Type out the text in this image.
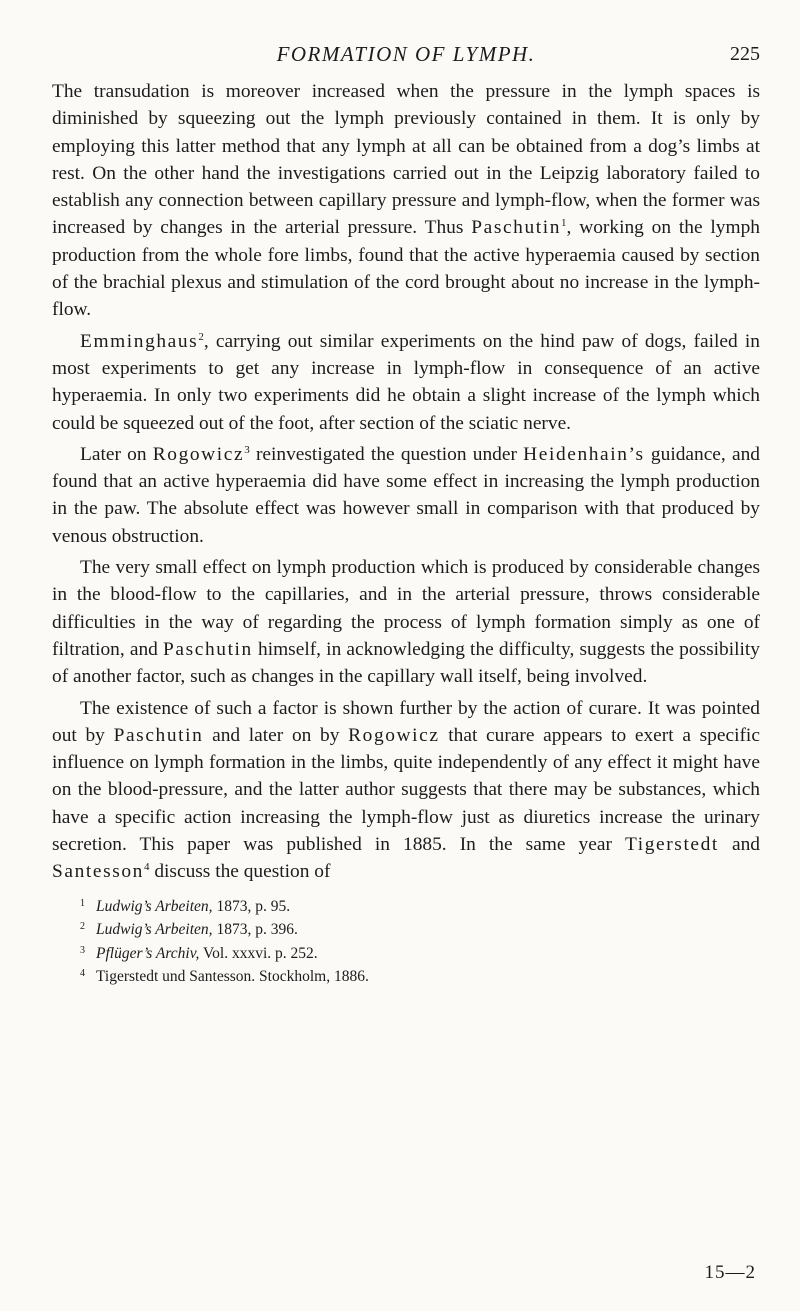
FORMATION OF LYMPH.	225

The transudation is moreover increased when the pressure in the lymph spaces is diminished by squeezing out the lymph previously contained in them. It is only by employing this latter method that any lymph at all can be obtained from a dog’s limbs at rest. On the other hand the investigations carried out in the Leipzig laboratory failed to establish any connection between capillary pressure and lymph-flow, when the former was increased by changes in the arterial pressure. Thus Paschutin$^1$, working on the lymph production from the whole fore limbs, found that the active hyperaemia caused by section of the brachial plexus and stimulation of the cord brought about no increase in the lymph-flow.

Emminghaus$^2$, carrying out similar experiments on the hind paw of dogs, failed in most experiments to get any increase in lymph-flow in consequence of an active hyperaemia. In only two experiments did he obtain a slight increase of the lymph which could be squeezed out of the foot, after section of the sciatic nerve.

Later on Rogowicz$^3$ reinvestigated the question under Heidenhain’s guidance, and found that an active hyperaemia did have some effect in increasing the lymph production in the paw. The absolute effect was however small in comparison with that produced by venous obstruction.

The very small effect on lymph production which is produced by considerable changes in the blood-flow to the capillaries, and in the arterial pressure, throws considerable difficulties in the way of regarding the process of lymph formation simply as one of filtration, and Paschutin himself, in acknowledging the difficulty, suggests the possibility of another factor, such as changes in the capillary wall itself, being involved.

The existence of such a factor is shown further by the action of curare. It was pointed out by Paschutin and later on by Rogowicz that curare appears to exert a specific influence on lymph formation in the limbs, quite independently of any effect it might have on the blood-pressure, and the latter author suggests that there may be substances, which have a specific action increasing the lymph-flow just as diuretics increase the urinary secretion. This paper was published in 1885. In the same year Tigerstedt and Santesson$^4$ discuss the question of

1 Ludwig’s Arbeiten, 1873, p. 95.

2 Ludwig’s Arbeiten, 1873, p. 396.

3 Pflüger’s Archiv, Vol. xxxvi. p. 252.

4 Tigerstedt und Santesson. Stockholm, 1886.

15—2
